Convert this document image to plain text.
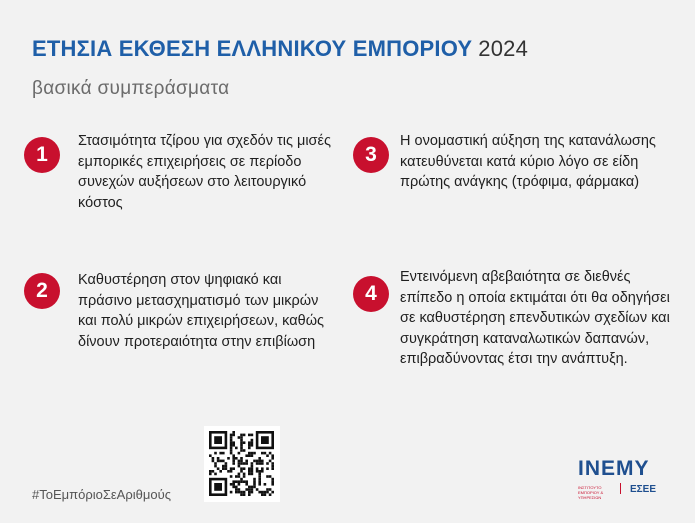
ΕΤΗΣΙΑ ΕΚΘΕΣΗ ΕΛΛΗΝΙΚΟΥ ΕΜΠΟΡΙΟΥ 2024
βασικά συμπεράσματα
1
Στασιμότητα τζίρου για σχεδόν τις μισές εμπορικές επιχειρήσεις σε περίοδο συνεχών αυξήσεων στο λειτουργικό κόστος
2	Καθυστέρηση στον ψηφιακό και πράσινο μετασχηματισμό των μικρών και πολύ μικρών επιχειρήσεων, καθώς δίνουν προτεραιότητα στην επιβίωση
3
Η ονομαστική αύξηση της κατανάλωσης κατευθύνεται κατά κύριο λόγο σε είδη πρώτης ανάγκης (τρόφιμα, φάρμακα)
4
Εντεινόμενη αβεβαιότητα σε διεθνές επίπεδο η οποία εκτιμάται ότι θα οδηγήσει σε καθυστέρηση επενδυτικών σχεδίων και συγκράτηση καταναλωτικών δαπανών, επιβραδύνοντας έτσι την ανάπτυξη.
#ΤοΕμπόριοΣεΑριθμούς
INEMY
ΙΝΣΤΙΤΟΥΤΟ ΕΜΠΟΡΙΟΥ & ΥΠΗΡΕΣΙΩΝ
ΕΣΕΕ
